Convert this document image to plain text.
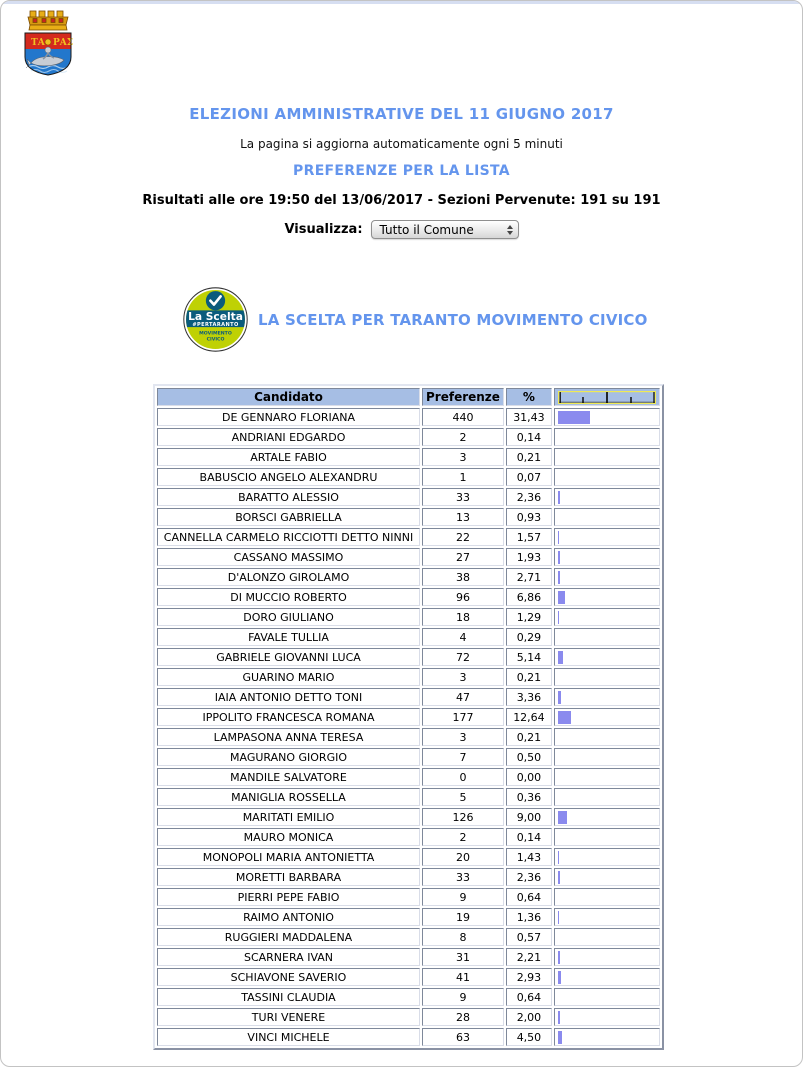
ΤΑ ΡΑΣ
ELEZIONI AMMINISTRATIVE DEL 11 GIUGNO 2017
La pagina si aggiorna automaticamente ogni 5 minuti
PREFERENZE PER LA LISTA
Risultati alle ore 19:50 del 13/06/2017 - Sezioni Pervenute: 191 su 191
Visualizza: Tutto il Comune
La Scelta
#PERTARANTO
MOVIMENTO
CIVICO
LA SCELTA PER TARANTO MOVIMENTO CIVICO
Candidato	Preferenze	%	

DE GENNARO FLORIANA	440	31,43	

ANDRIANI EDGARDO	2	0,14	
ARTALE FABIO	3	0,21	
BABUSCIO ANGELO ALEXANDRU	1	0,07	
BARATTO ALESSIO	33	2,36	

BORSCI GABRIELLA	13	0,93	
CANNELLA CARMELO RICCIOTTI DETTO NINNI	22	1,57	

CASSANO MASSIMO	27	1,93	

D'ALONZO GIROLAMO	38	2,71	

DI MUCCIO ROBERTO	96	6,86	

DORO GIULIANO	18	1,29	

FAVALE TULLIA	4	0,29	
GABRIELE GIOVANNI LUCA	72	5,14	

GUARINO MARIO	3	0,21	
IAIA ANTONIO DETTO TONI	47	3,36	

IPPOLITO FRANCESCA ROMANA	177	12,64	

LAMPASONA ANNA TERESA	3	0,21	
MAGURANO GIORGIO	7	0,50	
MANDILE SALVATORE	0	0,00	
MANIGLIA ROSSELLA	5	0,36	
MARITATI EMILIO	126	9,00	

MAURO MONICA	2	0,14	
MONOPOLI MARIA ANTONIETTA	20	1,43	

MORETTI BARBARA	33	2,36	

PIERRI PEPE FABIO	9	0,64	
RAIMO ANTONIO	19	1,36	

RUGGIERI MADDALENA	8	0,57	
SCARNERA IVAN	31	2,21	

SCHIAVONE SAVERIO	41	2,93	

TASSINI CLAUDIA	9	0,64	
TURI VENERE	28	2,00	

VINCI MICHELE	63	4,50	
